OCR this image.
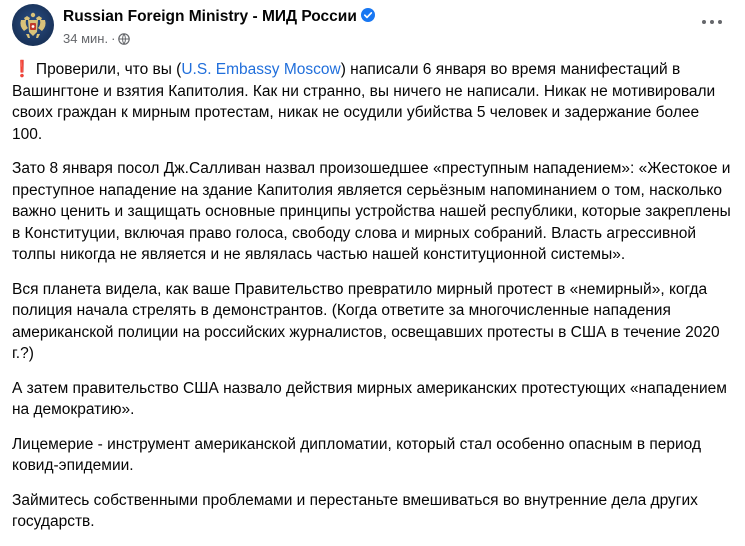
Russian Foreign Ministry - МИД России
34 мин. ·

❗ Проверили, что вы (U.S. Embassy Moscow) написали 6 января во время манифестаций в Вашингтоне и взятия Капитолия. Как ни странно, вы ничего не написали. Никак не мотивировали своих граждан к мирным протестам, никак не осудили убийства 5 человек и задержание более 100.

Зато 8 января посол Дж.Салливан назвал произошедшее «преступным нападением»: «Жестокое и преступное нападение на здание Капитолия является серьёзным напоминанием о том, насколько важно ценить и защищать основные принципы устройства нашей республики, которые закреплены в Конституции, включая право голоса, свободу слова и мирных собраний. Власть агрессивной толпы никогда не является и не являлась частью нашей конституционной системы».

Вся планета видела, как ваше Правительство превратило мирный протест в «немирный», когда полиция начала стрелять в демонстрантов. (Когда ответите за многочисленные нападения американской полиции на российских журналистов, освещавших протесты в США в течение 2020 г.?)

А затем правительство США назвало действия мирных американских протестующих «нападением на демократию».

Лицемерие - инструмент американской дипломатии, который стал особенно опасным в период ковид-эпидемии.

Займитесь собственными проблемами и перестаньте вмешиваться во внутренние дела других государств.
